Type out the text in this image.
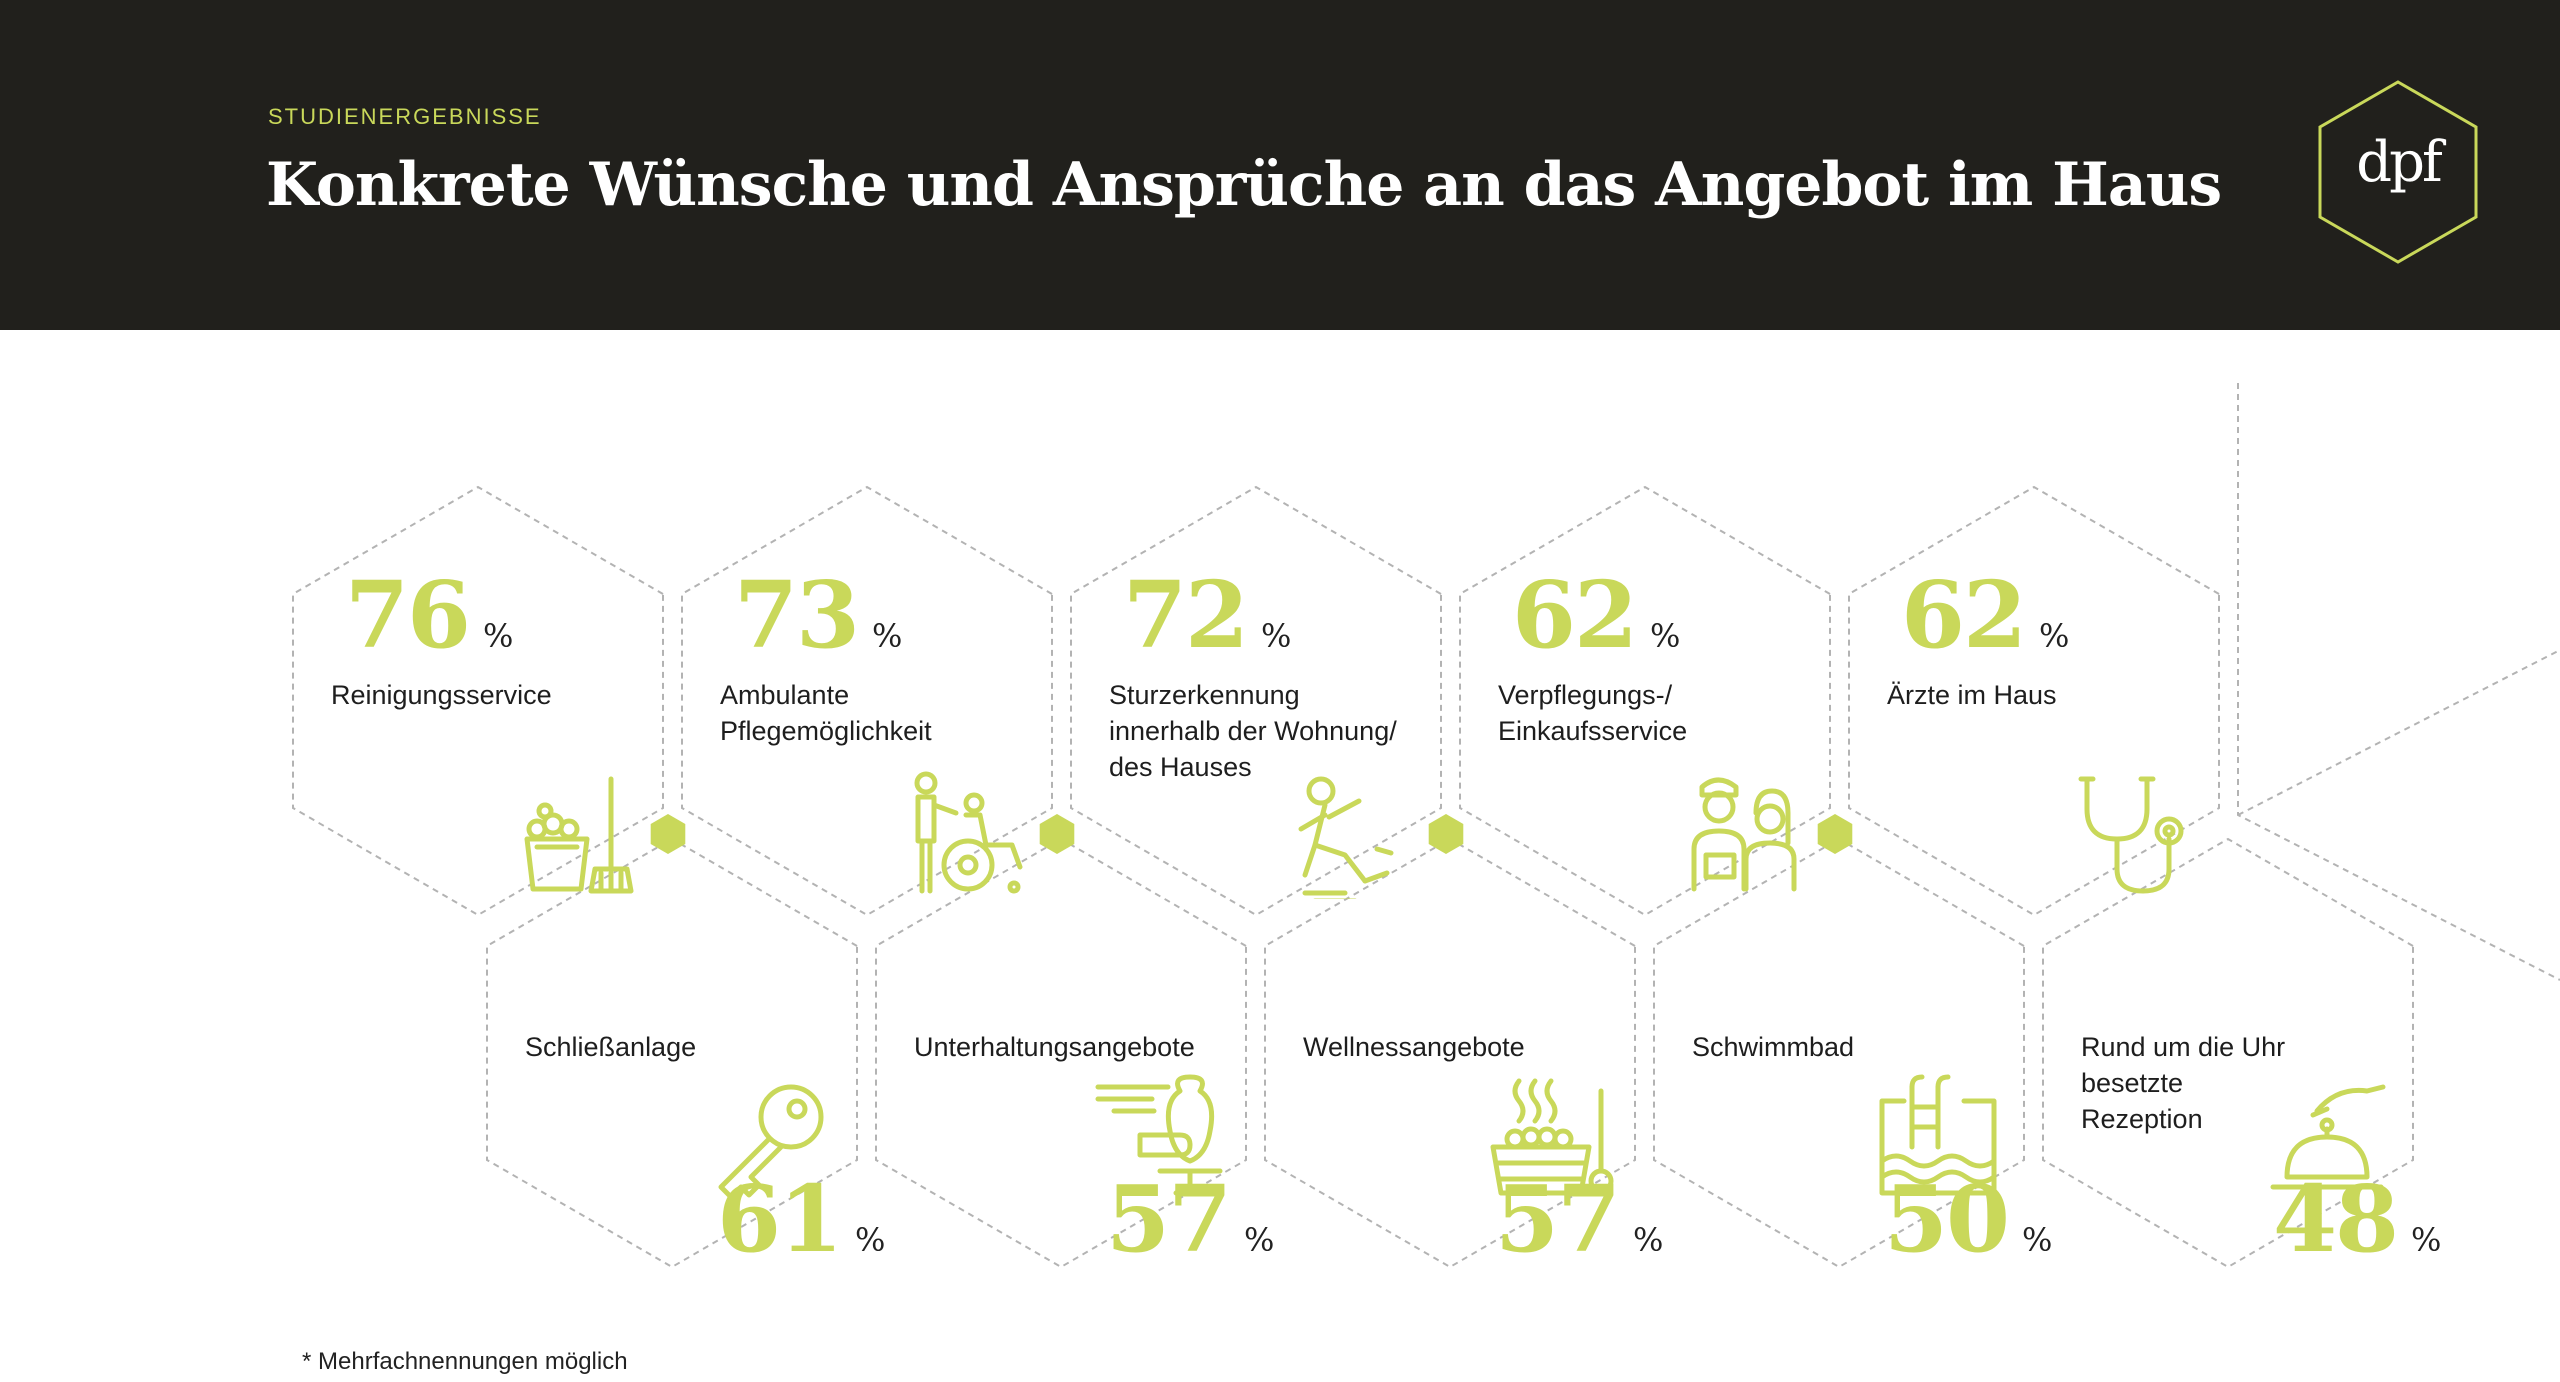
STUDIENERGEBNISSE
Konkrete Wünsche und Ansprüche an das Angebot im Haus	dpf
76 %
Reinigungsservice
73 %
Ambulante
Pflegemöglichkeit
72 %
Sturzerkennung
innerhalb der Wohnung/
des Hauses
62 %
Verpflegungs-/
Einkaufsservice
62 %
Ärzte im Haus
61 %
Schließanlage
57 %
Unterhaltungsangebote
57 %
Wellnessangebote
50 %
Schwimmbad
48 %
Rund um die Uhr
besetzte
Rezeption
* Mehrfachnennungen möglich
